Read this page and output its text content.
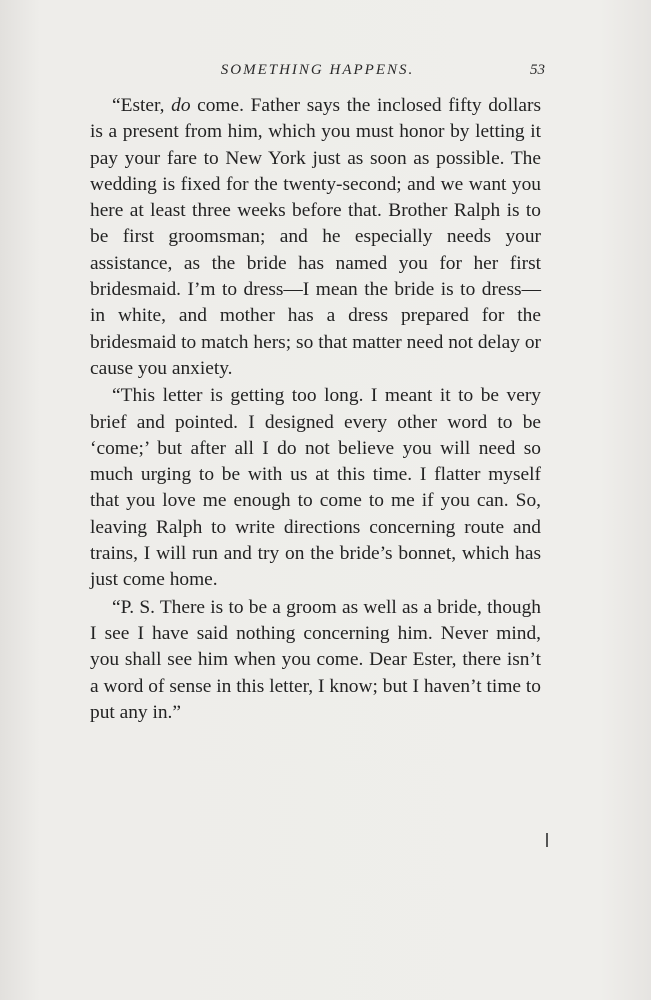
SOMETHING HAPPENS.	53

“Ester, do come. Father says the inclosed fifty dollars is a present from him, which you must honor by letting it pay your fare to New York just as soon as possible. The wedding is fixed for the twenty-second; and we want you here at least three weeks before that. Brother Ralph is to be first groomsman; and he especially needs your assistance, as the bride has named you for her first bridesmaid. I’m to dress—I mean the bride is to dress—in white, and mother has a dress prepared for the bridesmaid to match hers; so that matter need not delay or cause you anxiety.

“This letter is getting too long. I meant it to be very brief and pointed. I designed every other word to be ‘come;’ but after all I do not believe you will need so much urging to be with us at this time. I flatter myself that you love me enough to come to me if you can. So, leaving Ralph to write directions concerning route and trains, I will run and try on the bride’s bonnet, which has just come home.

“P. S. There is to be a groom as well as a bride, though I see I have said nothing concerning him. Never mind, you shall see him when you come. Dear Ester, there isn’t a word of sense in this letter, I know; but I haven’t time to put any in.”
